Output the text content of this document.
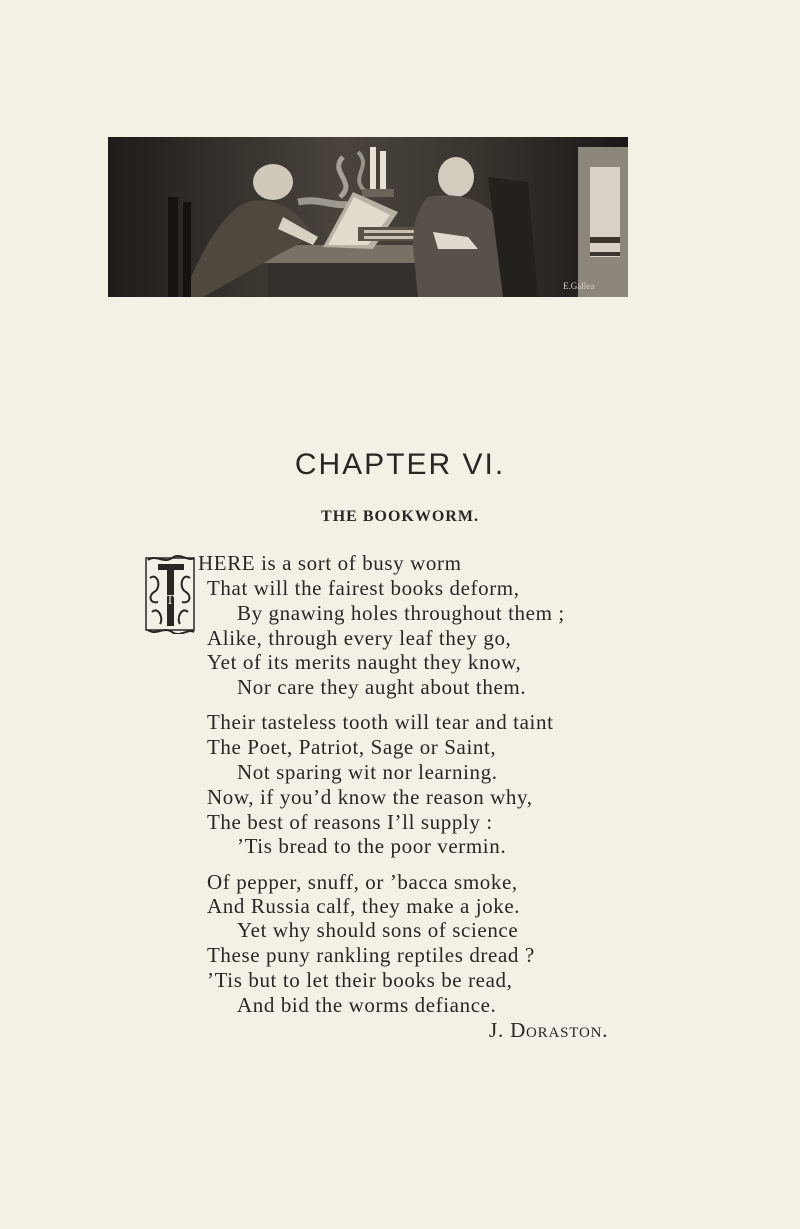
E.Gallea
CHAPTER VI.
THE BOOKWORM.
T
HERE is a sort of busy worm
That will the fairest books deform,
By gnawing holes throughout them ;
Alike, through every leaf they go,
Yet of its merits naught they know,
Nor care they aught about them.
Their tasteless tooth will tear and taint
The Poet, Patriot, Sage or Saint,
Not sparing wit nor learning.
Now, if you’d know the reason why,
The best of reasons I’ll supply :
’Tis bread to the poor vermin.
Of pepper, snuff, or ’bacca smoke,
And Russia calf, they make a joke.
Yet why should sons of science
These puny rankling reptiles dread ?
’Tis but to let their books be read,
And bid the worms defiance.
J. Doraston.
